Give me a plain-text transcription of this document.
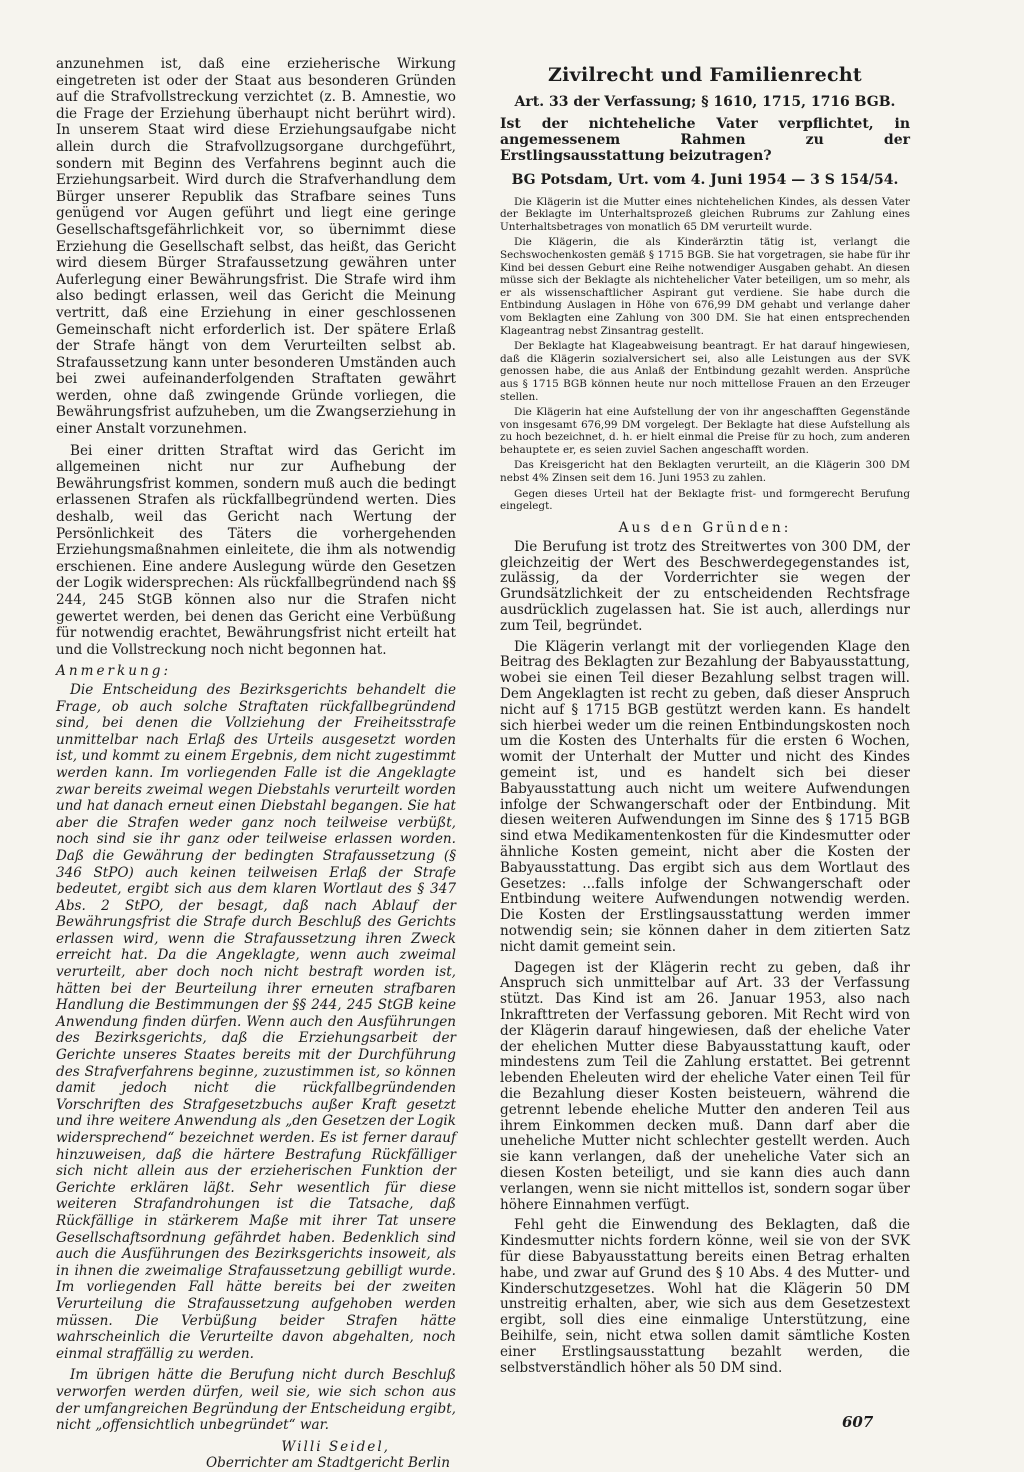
anzunehmen ist, daß eine erzieherische Wirkung eingetreten ist oder der Staat aus besonderen Gründen auf die Strafvollstreckung verzichtet (z. B. Amnestie, wo die Frage der Erziehung überhaupt nicht berührt wird). In unserem Staat wird diese Erziehungsaufgabe nicht allein durch die Strafvollzugsorgane durchgeführt, sondern mit Beginn des Verfahrens beginnt auch die Erziehungsarbeit. Wird durch die Strafverhandlung dem Bürger unserer Republik das Strafbare seines Tuns genügend vor Augen geführt und liegt eine geringe Gesellschaftsgefährlichkeit vor, so übernimmt diese Erziehung die Gesellschaft selbst, das heißt, das Gericht wird diesem Bürger Strafaussetzung gewähren unter Auferlegung einer Bewährungsfrist. Die Strafe wird ihm also bedingt erlassen, weil das Gericht die Meinung vertritt, daß eine Erziehung in einer geschlossenen Gemeinschaft nicht erforderlich ist. Der spätere Erlaß der Strafe hängt von dem Verurteilten selbst ab. Strafaussetzung kann unter besonderen Umständen auch bei zwei aufeinanderfolgenden Straftaten gewährt werden, ohne daß zwingende Gründe vorliegen, die Bewährungsfrist aufzuheben, um die Zwangserziehung in einer Anstalt vorzunehmen.

Bei einer dritten Straftat wird das Gericht im allgemeinen nicht nur zur Aufhebung der Bewährungsfrist kommen, sondern muß auch die bedingt erlassenen Strafen als rückfallbegründend werten. Dies deshalb, weil das Gericht nach Wertung der Persönlichkeit des Täters die vorhergehenden Erziehungsmaßnahmen einleitete, die ihm als notwendig erschienen. Eine andere Auslegung würde den Gesetzen der Logik widersprechen: Als rückfallbegründend nach §§ 244, 245 StGB können also nur die Strafen nicht gewertet werden, bei denen das Gericht eine Verbüßung für notwendig erachtet, Bewährungsfrist nicht erteilt hat und die Vollstreckung noch nicht begonnen hat.

Anmerkung:

Die Entscheidung des Bezirksgerichts behandelt die Frage, ob auch solche Straftaten rückfallbegründend sind, bei denen die Vollziehung der Freiheitsstrafe unmittelbar nach Erlaß des Urteils ausgesetzt worden ist, und kommt zu einem Ergebnis, dem nicht zugestimmt werden kann. Im vorliegenden Falle ist die Angeklagte zwar bereits zweimal wegen Diebstahls verurteilt worden und hat danach erneut einen Diebstahl begangen. Sie hat aber die Strafen weder ganz noch teilweise verbüßt, noch sind sie ihr ganz oder teilweise erlassen worden. Daß die Gewährung der bedingten Strafaussetzung (§ 346 StPO) auch keinen teilweisen Erlaß der Strafe bedeutet, ergibt sich aus dem klaren Wortlaut des § 347 Abs. 2 StPO, der besagt, daß nach Ablauf der Bewährungsfrist die Strafe durch Beschluß des Gerichts erlassen wird, wenn die Strafaussetzung ihren Zweck erreicht hat. Da die Angeklagte, wenn auch zweimal verurteilt, aber doch noch nicht bestraft worden ist, hätten bei der Beurteilung ihrer erneuten strafbaren Handlung die Bestimmungen der §§ 244, 245 StGB keine Anwendung finden dürfen. Wenn auch den Ausführungen des Bezirksgerichts, daß die Erziehungsarbeit der Gerichte unseres Staates bereits mit der Durchführung des Strafverfahrens beginne, zuzustimmen ist, so können damit jedoch nicht die rückfallbegründenden Vorschriften des Strafgesetzbuchs außer Kraft gesetzt und ihre weitere Anwendung als „den Gesetzen der Logik widersprechend“ bezeichnet werden. Es ist ferner darauf hinzuweisen, daß die härtere Bestrafung Rückfälliger sich nicht allein aus der erzieherischen Funktion der Gerichte erklären läßt. Sehr wesentlich für diese weiteren Strafandrohungen ist die Tatsache, daß Rückfällige in stärkerem Maße mit ihrer Tat unsere Gesellschaftsordnung gefährdet haben. Bedenklich sind auch die Ausführungen des Bezirksgerichts insoweit, als in ihnen die zweimalige Strafaussetzung gebilligt wurde. Im vorliegenden Fall hätte bereits bei der zweiten Verurteilung die Strafaussetzung aufgehoben werden müssen. Die Verbüßung beider Strafen hätte wahrscheinlich die Verurteilte davon abgehalten, noch einmal straffällig zu werden.

Im übrigen hätte die Berufung nicht durch Beschluß verworfen werden dürfen, weil sie, wie sich schon aus der umfangreichen Begründung der Entscheidung ergibt, nicht „offensichtlich unbegründet“ war.

Willi Seidel,
Oberrichter am Stadtgericht Berlin
Zivilrecht und Familienrecht
Art. 33 der Verfassung; § 1610, 1715, 1716 BGB.
Ist der nichteheliche Vater verpflichtet, in angemessenem Rahmen zu der Erstlingsausstattung beizutragen?
BG Potsdam, Urt. vom 4. Juni 1954 — 3 S 154/54.

Die Klägerin ist die Mutter eines nichtehelichen Kindes, als dessen Vater der Beklagte im Unterhaltsprozeß gleichen Rubrums zur Zahlung eines Unterhaltsbetrages von monatlich 65 DM verurteilt wurde.

Die Klägerin, die als Kinderärztin tätig ist, verlangt die Sechswochenkosten gemäß § 1715 BGB. Sie hat vorgetragen, sie habe für ihr Kind bei dessen Geburt eine Reihe notwendiger Ausgaben gehabt. An diesen müsse sich der Beklagte als nichtehelicher Vater beteiligen, um so mehr, als er als wissenschaftlicher Aspirant gut verdiene. Sie habe durch die Entbindung Auslagen in Höhe von 676,99 DM gehabt und verlange daher vom Beklagten eine Zahlung von 300 DM. Sie hat einen entsprechenden Klageantrag nebst Zinsantrag gestellt.

Der Beklagte hat Klageabweisung beantragt. Er hat darauf hingewiesen, daß die Klägerin sozialversichert sei, also alle Leistungen aus der SVK genossen habe, die aus Anlaß der Entbindung gezahlt werden. Ansprüche aus § 1715 BGB können heute nur noch mittellose Frauen an den Erzeuger stellen.

Die Klägerin hat eine Aufstellung der von ihr angeschafften Gegenstände von insgesamt 676,99 DM vorgelegt. Der Beklagte hat diese Aufstellung als zu hoch bezeichnet, d. h. er hielt einmal die Preise für zu hoch, zum anderen behauptete er, es seien zuviel Sachen angeschafft worden.

Das Kreisgericht hat den Beklagten verurteilt, an die Klägerin 300 DM nebst 4% Zinsen seit dem 16. Juni 1953 zu zahlen.

Gegen dieses Urteil hat der Beklagte frist- und formgerecht Berufung eingelegt.

Aus den Gründen:

Die Berufung ist trotz des Streitwertes von 300 DM, der gleichzeitig der Wert des Beschwerdegegenstandes ist, zulässig, da der Vorderrichter sie wegen der Grundsätzlichkeit der zu entscheidenden Rechtsfrage ausdrücklich zugelassen hat. Sie ist auch, allerdings nur zum Teil, begründet.

Die Klägerin verlangt mit der vorliegenden Klage den Beitrag des Beklagten zur Bezahlung der Babyausstattung, wobei sie einen Teil dieser Bezahlung selbst tragen will. Dem Angeklagten ist recht zu geben, daß dieser Anspruch nicht auf § 1715 BGB gestützt werden kann. Es handelt sich hierbei weder um die reinen Entbindungskosten noch um die Kosten des Unterhalts für die ersten 6 Wochen, womit der Unterhalt der Mutter und nicht des Kindes gemeint ist, und es handelt sich bei dieser Babyausstattung auch nicht um weitere Aufwendungen infolge der Schwangerschaft oder der Entbindung. Mit diesen weiteren Aufwendungen im Sinne des § 1715 BGB sind etwa Medikamentenkosten für die Kindesmutter oder ähnliche Kosten gemeint, nicht aber die Kosten der Babyausstattung. Das ergibt sich aus dem Wortlaut des Gesetzes: ...falls infolge der Schwangerschaft oder Entbindung weitere Aufwendungen notwendig werden. Die Kosten der Erstlingsausstattung werden immer notwendig sein; sie können daher in dem zitierten Satz nicht damit gemeint sein.

Dagegen ist der Klägerin recht zu geben, daß ihr Anspruch sich unmittelbar auf Art. 33 der Verfassung stützt. Das Kind ist am 26. Januar 1953, also nach Inkrafttreten der Verfassung geboren. Mit Recht wird von der Klägerin darauf hingewiesen, daß der eheliche Vater der ehelichen Mutter diese Babyausstattung kauft, oder mindestens zum Teil die Zahlung erstattet. Bei getrennt lebenden Eheleuten wird der eheliche Vater einen Teil für die Bezahlung dieser Kosten beisteuern, während die getrennt lebende eheliche Mutter den anderen Teil aus ihrem Einkommen decken muß. Dann darf aber die uneheliche Mutter nicht schlechter gestellt werden. Auch sie kann verlangen, daß der uneheliche Vater sich an diesen Kosten beteiligt, und sie kann dies auch dann verlangen, wenn sie nicht mittellos ist, sondern sogar über höhere Einnahmen verfügt.

Fehl geht die Einwendung des Beklagten, daß die Kindesmutter nichts fordern könne, weil sie von der SVK für diese Babyausstattung bereits einen Betrag erhalten habe, und zwar auf Grund des § 10 Abs. 4 des Mutter- und Kinderschutzgesetzes. Wohl hat die Klägerin 50 DM unstreitig erhalten, aber, wie sich aus dem Gesetzestext ergibt, soll dies eine einmalige Unterstützung, eine Beihilfe, sein, nicht etwa sollen damit sämtliche Kosten einer Erstlingsausstattung bezahlt werden, die selbstverständlich höher als 50 DM sind.

607
